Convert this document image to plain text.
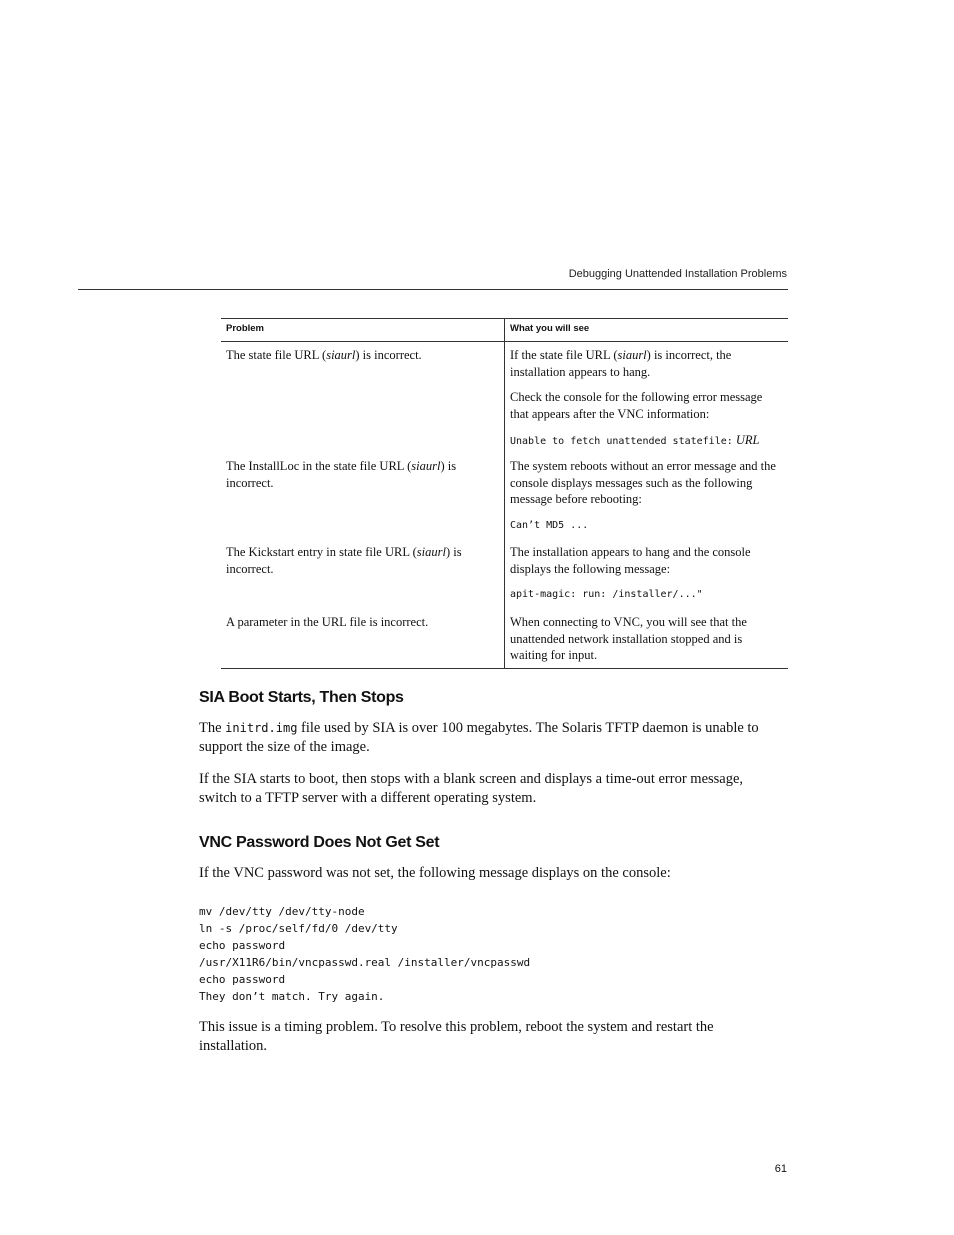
Debugging Unattended Installation Problems
Problem	What you will see
The state file URL (siaurl) is incorrect.
The InstallLoc in the state file URL (siaurl) is incorrect.
The Kickstart entry in state file URL (siaurl) is incorrect.
A parameter in the URL file is incorrect.
If the state file URL (siaurl) is incorrect, the installation appears to hang.
Check the console for the following error message that appears after the VNC information:
Unable to fetch unattended statefile: URL
The system reboots without an error message and the console displays messages such as the following message before rebooting:
Can’t MD5 ...
The installation appears to hang and the console displays the following message:
apit-magic: run: /installer/..."
When connecting to VNC, you will see that the unattended network installation stopped and is waiting for input.
SIA Boot Starts, Then Stops

The initrd.img file used by SIA is over 100 megabytes. The Solaris TFTP daemon is unable to support the size of the image.

If the SIA starts to boot, then stops with a blank screen and displays a time-out error message, switch to a TFTP server with a different operating system.

VNC Password Does Not Get Set

If the VNC password was not set, the following message displays on the console:

mv /dev/tty /dev/tty-node
ln -s /proc/self/fd/0 /dev/tty
echo password
/usr/X11R6/bin/vncpasswd.real /installer/vncpasswd
echo password
They don’t match. Try again.

This issue is a timing problem. To resolve this problem, reboot the system and restart the installation.

61
